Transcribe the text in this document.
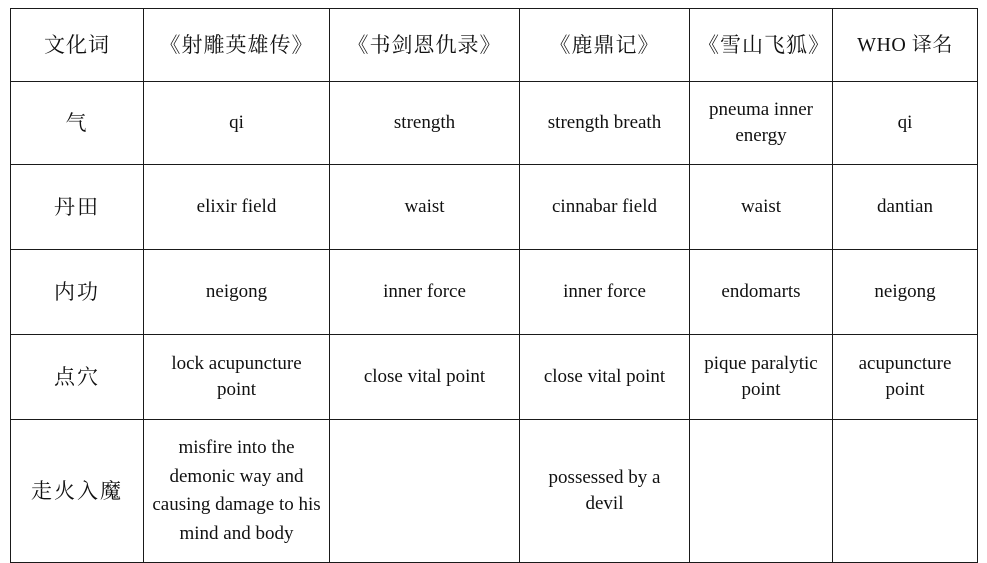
文化词	《射雕英雄传》	《书剑恩仇录》	《鹿鼎记》	《雪山飞狐》	WHO 译名
气	qi	strength	strength breath	pneuma inner energy	qi
丹田	elixir field	waist	cinnabar field	waist	dantian
内功	neigong	inner force	inner force	endomarts	neigong
点穴	lock acupuncture point	close vital point	close vital point	pique paralytic point	acupuncture point
走火入魔	misfire into the demonic way and causing damage to his mind and body		possessed by a devil		
